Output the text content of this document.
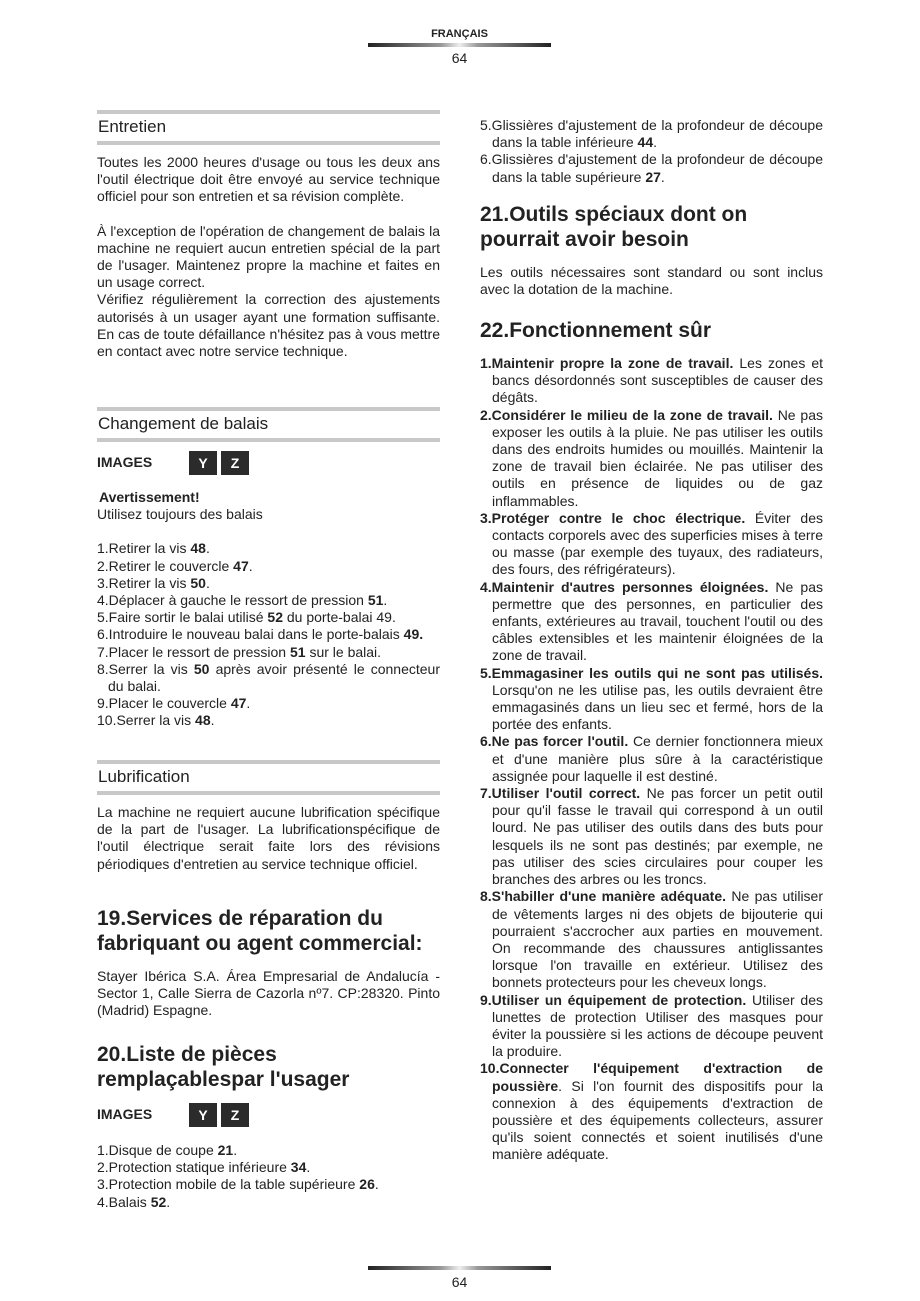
FRANÇAIS
64
Entretien

Toutes les 2000 heures d'usage ou tous les deux ans l'outil électrique doit être envoyé au service technique officiel pour son entretien et sa révision complète.

À l'exception de l'opération de changement de balais la machine ne requiert aucun entretien spécial de la part de l'usager. Maintenez propre la machine et faites en un usage correct.

Vérifiez régulièrement la correction des ajustements autorisés à un usager ayant une formation suffisante. En cas de toute défaillance n'hésitez pas à vous mettre en contact avec notre service technique.

Changement de balais
IMAGES	Y	Z
Avertissement!
Utilisez toujours des balais
1.Retirer la vis 48.
2.Retirer le couvercle 47.
3.Retirer la vis 50.
4.Déplacer à gauche le ressort de pression 51.
5.Faire sortir le balai utilisé 52 du porte-balai 49.
6.Introduire le nouveau balai dans le porte-balais 49.
7.Placer le ressort de pression 51 sur le balai.
8.Serrer la vis 50 après avoir présenté le connecteur du balai.
9.Placer le couvercle 47.
10.Serrer la vis 48.
Lubrification

La machine ne requiert aucune lubrification spécifique de la part de l'usager. La lubrificationspécifique de l'outil électrique serait faite lors des révisions périodiques d'entretien au service technique officiel.

19.Services de réparation du fabriquant ou agent commercial:

Stayer Ibérica S.A. Área Empresarial de Andalucía - Sector 1, Calle Sierra de Cazorla nº7. CP:28320. Pinto (Madrid) Espagne.

20.Liste de pièces remplaçablespar l'usager
IMAGES	Y	Z
1.Disque de coupe 21.
2.Protection statique inférieure 34.
3.Protection mobile de la table supérieure 26.
4.Balais 52.
5.Glissières d'ajustement de la profondeur de découpe dans la table inférieure 44.
6.Glissières d'ajustement de la profondeur de découpe dans la table supérieure 27.
21.Outils spéciaux dont on pourrait avoir besoin

Les outils nécessaires sont standard ou sont inclus avec la dotation de la machine.

22.Fonctionnement sûr
1.Maintenir propre la zone de travail. Les zones et bancs désordonnés sont susceptibles de causer des dégâts.
2.Considérer le milieu de la zone de travail. Ne pas exposer les outils à la pluie. Ne pas utiliser les outils dans des endroits humides ou mouillés. Maintenir la zone de travail bien éclairée. Ne pas utiliser des outils en présence de liquides ou de gaz inflammables.
3.Protéger contre le choc électrique. Éviter des contacts corporels avec des superficies mises à terre ou masse (par exemple des tuyaux, des radiateurs, des fours, des réfrigérateurs).
4.Maintenir d'autres personnes éloignées. Ne pas permettre que des personnes, en particulier des enfants, extérieures au travail, touchent l'outil ou des câbles extensibles et les maintenir éloignées de la zone de travail.
5.Emmagasiner les outils qui ne sont pas utilisés. Lorsqu'on ne les utilise pas, les outils devraient être emmagasinés dans un lieu sec et fermé, hors de la portée des enfants.
6.Ne pas forcer l'outil. Ce dernier fonctionnera mieux et d'une manière plus sûre à la caractéristique assignée pour laquelle il est destiné.
7.Utiliser l'outil correct. Ne pas forcer un petit outil pour qu'il fasse le travail qui correspond à un outil lourd. Ne pas utiliser des outils dans des buts pour lesquels ils ne sont pas destinés; par exemple, ne pas utiliser des scies circulaires pour couper les branches des arbres ou les troncs.
8.S'habiller d'une manière adéquate. Ne pas utiliser de vêtements larges ni des objets de bijouterie qui pourraient s'accrocher aux parties en mouvement. On recommande des chaussures antiglissantes lorsque l'on travaille en extérieur. Utilisez des bonnets protecteurs pour les cheveux longs.
9.Utiliser un équipement de protection. Utiliser des lunettes de protection Utiliser des masques pour éviter la poussière si les actions de découpe peuvent la produire.
10.Connecter l'équipement d'extraction de poussière. Si l'on fournit des dispositifs pour la connexion à des équipements d'extraction de poussière et des équipements collecteurs, assurer qu'ils soient connectés et soient inutilisés d'une manière adéquate.
64
